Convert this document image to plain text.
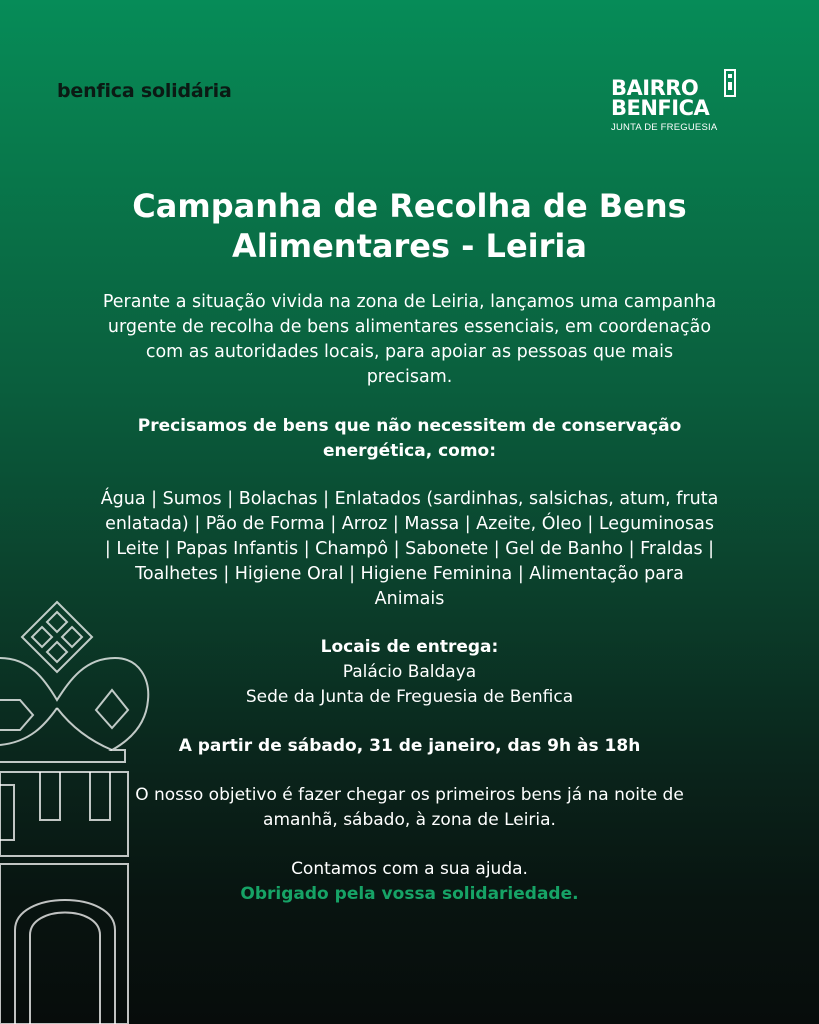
benfica solidária	BAIRRO
BENFICA
JUNTA DE FREGUESIA
Campanha de Recolha de Bens
Alimentares - Leiria
Perante a situação vivida na zona de Leiria, lançamos uma campanha
urgente de recolha de bens alimentares essenciais, em coordenação
com as autoridades locais, para apoiar as pessoas que mais
precisam.
Precisamos de bens que não necessitem de conservação
energética, como:
Água | Sumos | Bolachas | Enlatados (sardinhas, salsichas, atum, fruta
enlatada) | Pão de Forma | Arroz | Massa | Azeite, Óleo | Leguminosas
| Leite | Papas Infantis | Champô | Sabonete | Gel de Banho | Fraldas |
Toalhetes | Higiene Oral | Higiene Feminina | Alimentação para
Animais
Locais de entrega:
Palácio Baldaya
Sede da Junta de Freguesia de Benfica
A partir de sábado, 31 de janeiro, das 9h às 18h
O nosso objetivo é fazer chegar os primeiros bens já na noite de
amanhã, sábado, à zona de Leiria.
Contamos com a sua ajuda.
Obrigado pela vossa solidariedade.
